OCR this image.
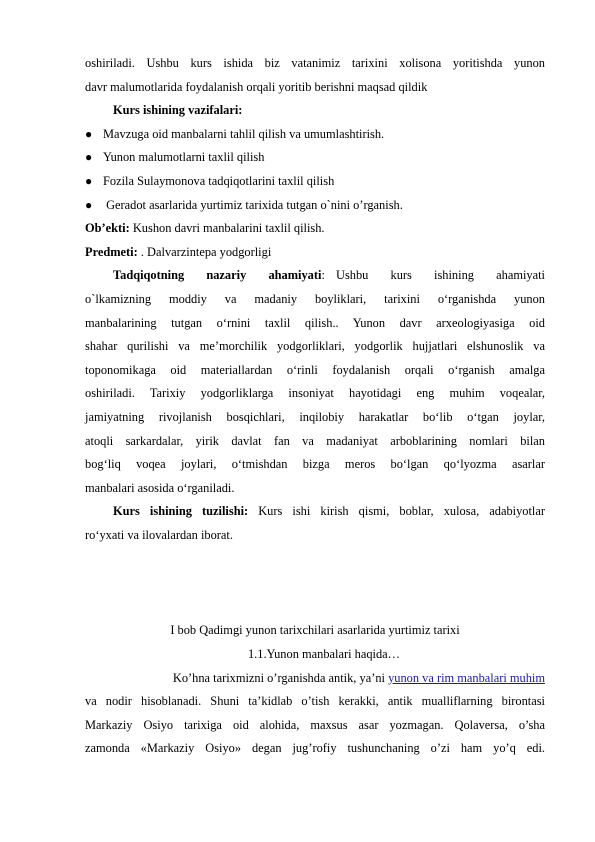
oshiriladi. Ushbu kurs ishida biz vatanimiz tarixini xolisona yoritishda yunon

davr malumotlarida foydalanish orqali yoritib berishni maqsad qildik

Kurs ishining vazifalari:

● Mavzuga oid manbalarni tahlil qilish va umumlashtirish.
● Yunon malumotlarni taxlil qilish
● Fozila Sulaymonova tadqiqotlarini taxlil qilish
● Geradot asarlarida yurtimiz tarixida tutgan o`nini o’rganish.

Ob’ekti: Kushon davri manbalarini taxlil qilish.

Predmeti: . Dalvarzintepa yodgorligi

Tadqiqotning    nazariy    ahamiyati:  Ushbu    kurs    ishining    ahamiyati

o`lkamizning moddiy va madaniy boyliklari, tarixini o‘rganishda yunon

manbalarining tutgan o‘rnini taxlil qilish.. Yunon davr arxeologiyasiga oid

shahar qurilishi va me’morchilik yodgorliklari, yodgorlik hujjatlari elshunoslik va

toponomikaga oid materiallardan o‘rinli foydalanish orqali o‘rganish amalga

oshiriladi. Tarixiy yodgorliklarga insoniyat hayotidagi eng muhim voqealar,

jamiyatning rivojlanish bosqichlari, inqilobiy harakatlar bo‘lib o‘tgan joylar,

atoqli sarkardalar, yirik davlat fan va madaniyat arboblarining nomlari bilan

bog‘liq voqea joylari, o‘tmishdan bizga meros bo‘lgan qo‘lyozma asarlar

manbalari asosida o‘rganiladi.

Kurs ishining tuzilishi: Kurs ishi kirish qismi, boblar, xulosa, adabiyotlar

ro‘yxati va ilovalardan iborat.

I bob Qadimgi yunon tarixchilari asarlarida yurtimiz tarixi

1.1.Yunon manbalari haqida…

Ko’hna tarixmizni o’rganishda antik, ya’ni yunon va rim manbalari muhim

va nodir hisoblanadi. Shuni ta’kidlab o’tish kerakki, antik mualliflarning birontasi

Markaziy Osiyo tarixiga oid alohida, maxsus asar yozmagan. Qolaversa, o’sha

zamonda «Markaziy Osiyo» degan jug’rofiy tushunchaning o’zi ham yo’q edi.
